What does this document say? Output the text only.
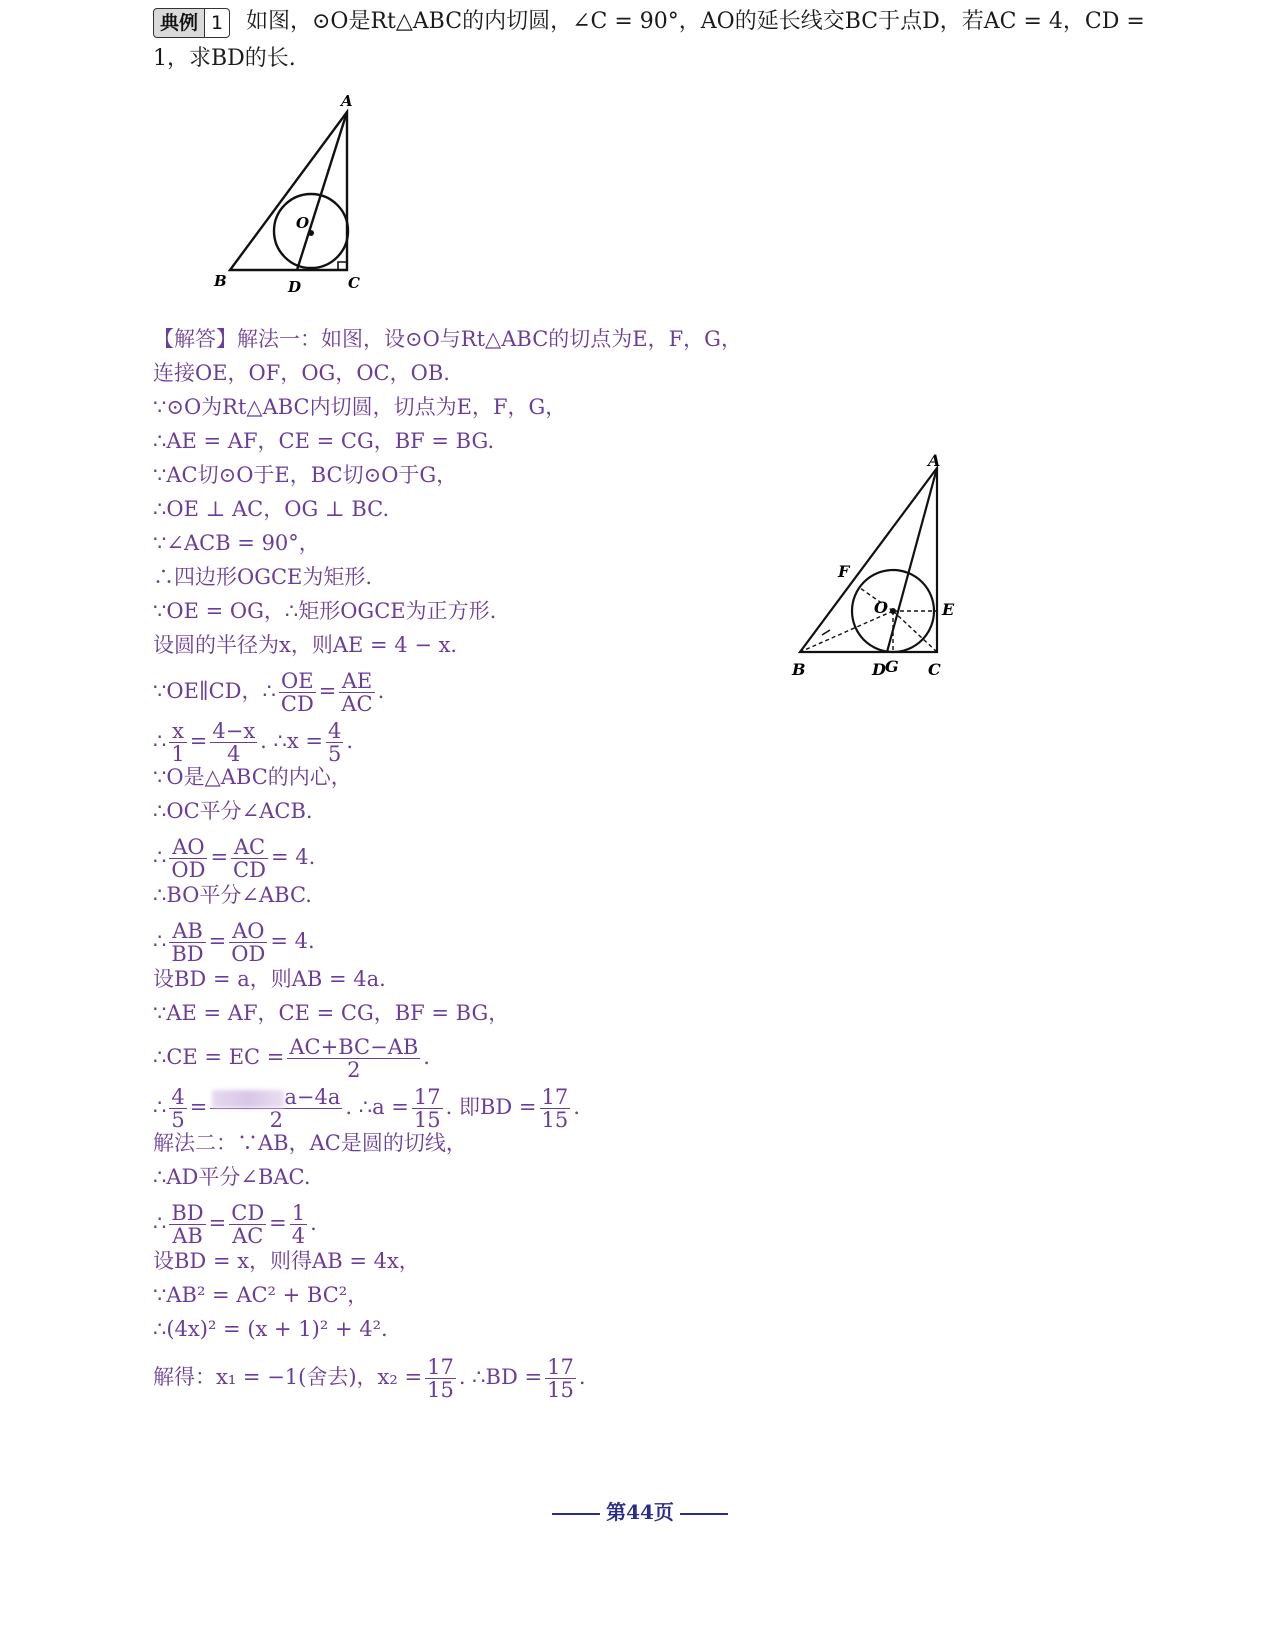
典例 1	如图，⊙O是Rt△ABC的内切圆，∠C = 90°，AO的延长线交BC于点D，若AC = 4，CD =
1，求BD的长.
A
O
B	D	C
A
F
O	E
B	D G C
【解答】解法一：如图，设⊙O与Rt△ABC的切点为E，F，G，
连接OE，OF，OG，OC，OB.
∵⊙O为Rt△ABC内切圆，切点为E，F，G，
∴AE = AF，CE = CG，BF = BG.
∵AC切⊙O于E，BC切⊙O于G，
∴OE ⊥ AC，OG ⊥ BC.
∵∠ACB = 90°，
∴四边形OGCE为矩形.
∵OE = OG，∴矩形OGCE为正方形.
设圆的半径为x，则AE = 4 − x.
∵OE∥CD，∴ $\frac{OE}{CD} = \frac{AE}{AC}$ .
∴ $\frac{x}{1} = \frac{4-x}{4}$ . ∴x = $\frac{4}{5}$ .
∵O是△ABC的内心，
∴OC平分∠ACB.
∴ $\frac{AO}{OD} = \frac{AC}{CD} = 4$.
∴BO平分∠ABC.
∴ $\frac{AB}{BD} = \frac{AO}{OD} = 4$.
设BD = a，则AB = 4a.
∵AE = AF，CE = CG，BF = BG，
∴CE = EC = $\frac{AC+BC-AB}{2}$ .
∴ $\frac{4}{5} = \frac{a-4a}{2}$ . ∴a = $\frac{17}{15}$ . 即BD = $\frac{17}{15}$ .
解法二：∵AB，AC是圆的切线，
∴AD平分∠BAC.
∴ $\frac{BD}{AB} = \frac{CD}{AC} = \frac{1}{4}$ .
设BD = x，则得AB = 4x，
∵AB² = AC² + BC²，
∴(4x)² = (x + 1)² + 4².
解得：x₁ = −1(舍去)，$x_2 = \frac{17}{15}$ . ∴BD = $\frac{17}{15}$ .
第44页
